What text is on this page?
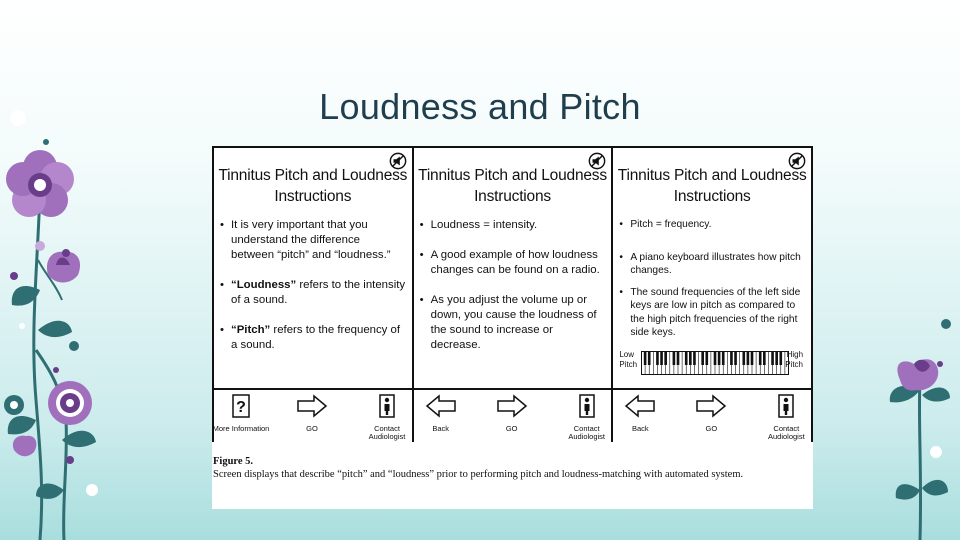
Loudness and Pitch
Tinnitus Pitch and Loudness
Instructions
• It is very important that you understand the difference between “pitch” and “loudness.”
• “Loudness” refers to the intensity of a sound.
• “Pitch” refers to the frequency of a sound.
?
More Information	GO	Contact Audiologist
Tinnitus Pitch and Loudness
Instructions
• Loudness = intensity.
• A good example of how loudness changes can be found on a radio.
• As you adjust the volume up or down, you cause the loudness of the sound to increase or decrease.
Back	GO	Contact Audiologist
Tinnitus Pitch and Loudness
Instructions
• Pitch = frequency.
• A piano keyboard illustrates how pitch changes.
• The sound frequencies of the left side keys are low in pitch as compared to the high pitch frequencies of the right side keys.
Low
Pitch
High
Pitch
Back	GO	Contact Audiologist
Figure 5.
Screen displays that describe “pitch” and “loudness” prior to performing pitch and loudness-matching with automated system.
